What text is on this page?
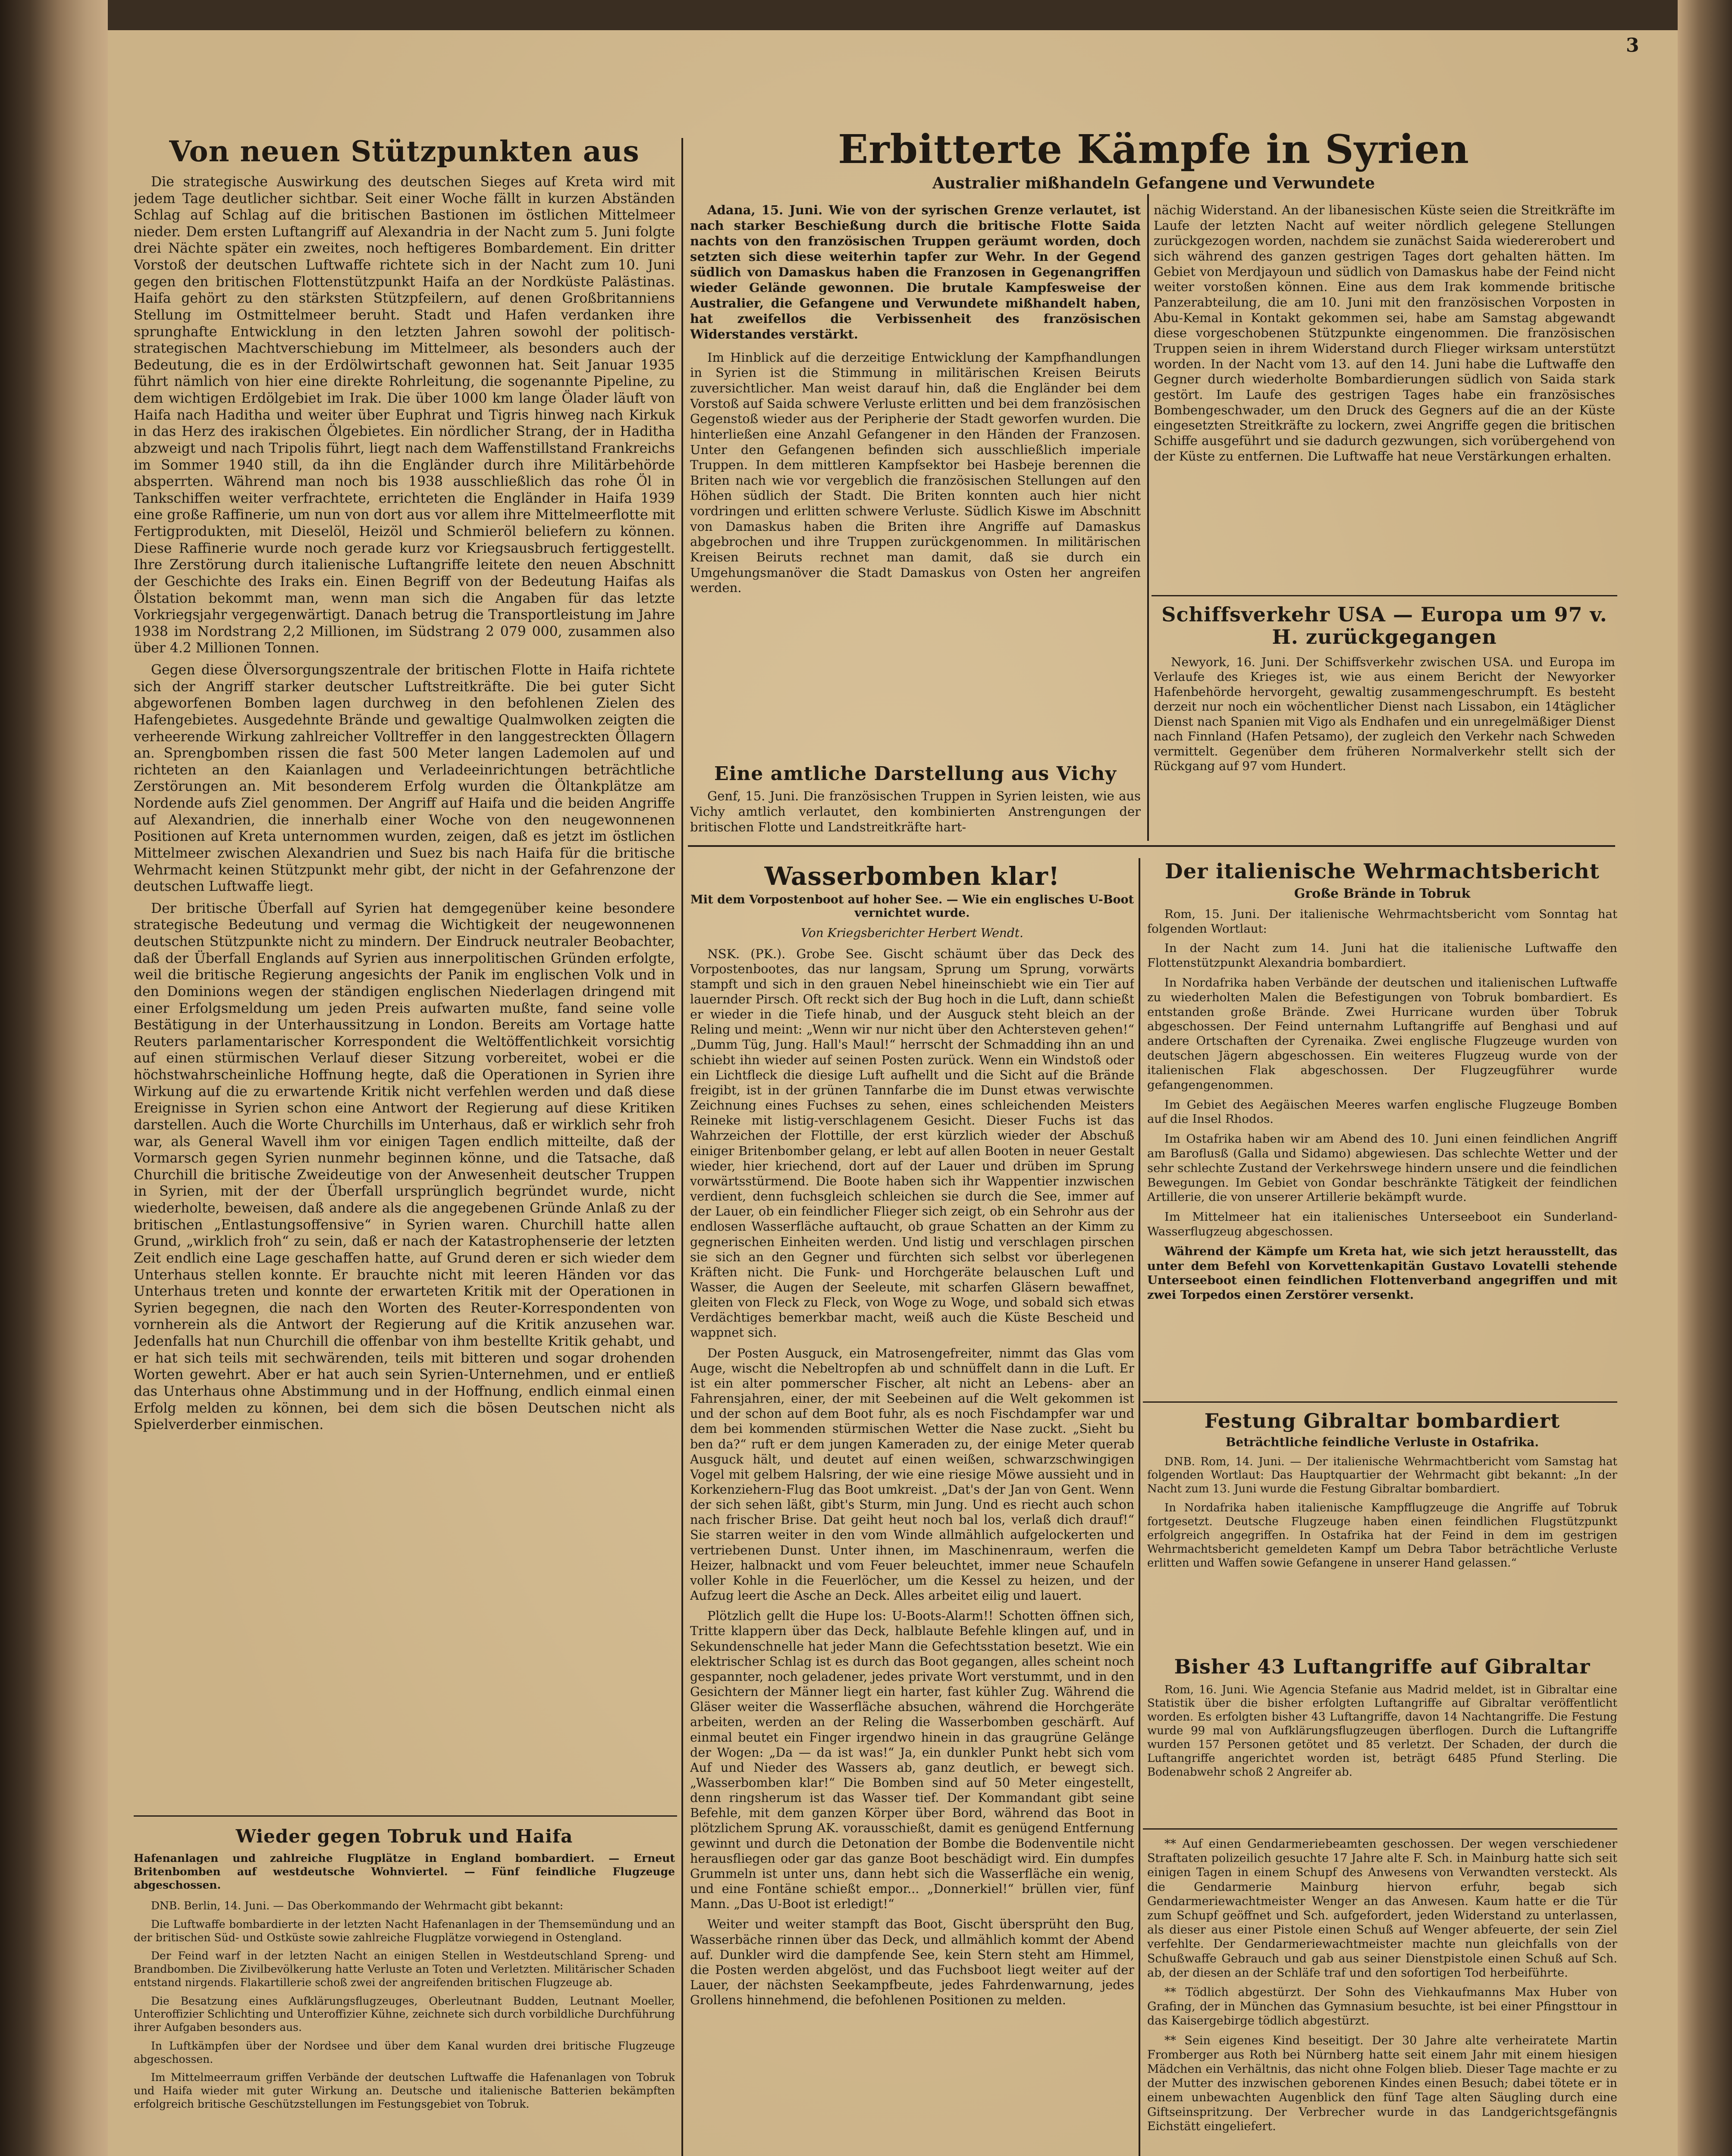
3
Von neuen Stützpunkten aus

Die strategische Auswirkung des deutschen Sieges auf Kreta wird mit jedem Tage deutlicher sichtbar. Seit einer Woche fällt in kurzen Abständen Schlag auf Schlag auf die britischen Bastionen im östlichen Mittelmeer nieder. Dem ersten Luftangriff auf Alexandria in der Nacht zum 5. Juni folgte drei Nächte später ein zweites, noch heftigeres Bombardement. Ein dritter Vorstoß der deutschen Luftwaffe richtete sich in der Nacht zum 10. Juni gegen den britischen Flottenstützpunkt Haifa an der Nordküste Palästinas. Haifa gehört zu den stärksten Stützpfeilern, auf denen Großbritanniens Stellung im Ostmittelmeer beruht. Stadt und Hafen verdanken ihre sprunghafte Entwicklung in den letzten Jahren sowohl der politisch-strategischen Machtverschiebung im Mittelmeer, als besonders auch der Bedeutung, die es in der Erdölwirtschaft gewonnen hat. Seit Januar 1935 führt nämlich von hier eine direkte Rohrleitung, die sogenannte Pipeline, zu dem wichtigen Erdölgebiet im Irak. Die über 1000 km lange Ölader läuft von Haifa nach Haditha und weiter über Euphrat und Tigris hinweg nach Kirkuk in das Herz des irakischen Ölgebietes. Ein nördlicher Strang, der in Haditha abzweigt und nach Tripolis führt, liegt nach dem Waffenstillstand Frankreichs im Sommer 1940 still, da ihn die Engländer durch ihre Militärbehörde absperrten. Während man noch bis 1938 ausschließlich das rohe Öl in Tankschiffen weiter verfrachtete, errichteten die Engländer in Haifa 1939 eine große Raffinerie, um nun von dort aus vor allem ihre Mittelmeerflotte mit Fertigprodukten, mit Dieselöl, Heizöl und Schmieröl beliefern zu können. Diese Raffinerie wurde noch gerade kurz vor Kriegsausbruch fertiggestellt. Ihre Zerstörung durch italienische Luftangriffe leitete den neuen Abschnitt der Geschichte des Iraks ein. Einen Begriff von der Bedeutung Haifas als Ölstation bekommt man, wenn man sich die Angaben für das letzte Vorkriegsjahr vergegenwärtigt. Danach betrug die Transportleistung im Jahre 1938 im Nordstrang 2,2 Millionen, im Südstrang 2 079 000, zusammen also über 4.2 Millionen Tonnen.

Gegen diese Ölversorgungszentrale der britischen Flotte in Haifa richtete sich der Angriff starker deutscher Luftstreitkräfte. Die bei guter Sicht abgeworfenen Bomben lagen durchweg in den befohlenen Zielen des Hafengebietes. Ausgedehnte Brände und gewaltige Qualmwolken zeigten die verheerende Wirkung zahlreicher Volltreffer in den langgestreckten Öllagern an. Sprengbomben rissen die fast 500 Meter langen Lademolen auf und richteten an den Kaianlagen und Verladeeinrichtungen beträchtliche Zerstörungen an. Mit besonderem Erfolg wurden die Öltankplätze am Nordende aufs Ziel genommen. Der Angriff auf Haifa und die beiden Angriffe auf Alexandrien, die innerhalb einer Woche von den neugewonnenen Positionen auf Kreta unternommen wurden, zeigen, daß es jetzt im östlichen Mittelmeer zwischen Alexandrien und Suez bis nach Haifa für die britische Wehrmacht keinen Stützpunkt mehr gibt, der nicht in der Gefahrenzone der deutschen Luftwaffe liegt.

Der britische Überfall auf Syrien hat demgegenüber keine besondere strategische Bedeutung und vermag die Wichtigkeit der neugewonnenen deutschen Stützpunkte nicht zu mindern. Der Eindruck neutraler Beobachter, daß der Überfall Englands auf Syrien aus innerpolitischen Gründen erfolgte, weil die britische Regierung angesichts der Panik im englischen Volk und in den Dominions wegen der ständigen englischen Niederlagen dringend mit einer Erfolgsmeldung um jeden Preis aufwarten mußte, fand seine volle Bestätigung in der Unterhaussitzung in London. Bereits am Vortage hatte Reuters parlamentarischer Korrespondent die Weltöffentlichkeit vorsichtig auf einen stürmischen Verlauf dieser Sitzung vorbereitet, wobei er die höchstwahrscheinliche Hoffnung hegte, daß die Operationen in Syrien ihre Wirkung auf die zu erwartende Kritik nicht verfehlen werden und daß diese Ereignisse in Syrien schon eine Antwort der Regierung auf diese Kritiken darstellen. Auch die Worte Churchills im Unterhaus, daß er wirklich sehr froh war, als General Wavell ihm vor einigen Tagen endlich mitteilte, daß der Vormarsch gegen Syrien nunmehr beginnen könne, und die Tatsache, daß Churchill die britische Zweideutige von der Anwesenheit deutscher Truppen in Syrien, mit der der Überfall ursprünglich begründet wurde, nicht wiederholte, beweisen, daß andere als die angegebenen Gründe Anlaß zu der britischen „Entlastungsoffensive“ in Syrien waren. Churchill hatte allen Grund, „wirklich froh“ zu sein, daß er nach der Katastrophenserie der letzten Zeit endlich eine Lage geschaffen hatte, auf Grund deren er sich wieder dem Unterhaus stellen konnte. Er brauchte nicht mit leeren Händen vor das Unterhaus treten und konnte der erwarteten Kritik mit der Operationen in Syrien begegnen, die nach den Worten des Reuter-Korrespondenten von vornherein als die Antwort der Regierung auf die Kritik anzusehen war. Jedenfalls hat nun Churchill die offenbar von ihm bestellte Kritik gehabt, und er hat sich teils mit sechwärenden, teils mit bitteren und sogar drohenden Worten gewehrt. Aber er hat auch sein Syrien-Unternehmen, und er entließ das Unterhaus ohne Abstimmung und in der Hoffnung, endlich einmal einen Erfolg melden zu können, bei dem sich die bösen Deutschen nicht als Spielverderber einmischen.

Wieder gegen Tobruk und Haifa
Hafenanlagen und zahlreiche Flugplätze in England bombardiert. — Erneut Britenbomben auf westdeutsche Wohnviertel. — Fünf feindliche Flugzeuge abgeschossen.

DNB. Berlin, 14. Juni. — Das Oberkommando der Wehrmacht gibt bekannt:

Die Luftwaffe bombardierte in der letzten Nacht Hafenanlagen in der Themsemündung und an der britischen Süd- und Ostküste sowie zahlreiche Flugplätze vorwiegend in Ostengland.

Der Feind warf in der letzten Nacht an einigen Stellen in Westdeutschland Spreng- und Brandbomben. Die Zivilbevölkerung hatte Verluste an Toten und Verletzten. Militärischer Schaden entstand nirgends. Flakartillerie schoß zwei der angreifenden britischen Flugzeuge ab.

Die Besatzung eines Aufklärungsflugzeuges, Oberleutnant Budden, Leutnant Moeller, Unteroffizier Schlichting und Unteroffizier Kühne, zeichnete sich durch vorbildliche Durchführung ihrer Aufgaben besonders aus.

In Luftkämpfen über der Nordsee und über dem Kanal wurden drei britische Flugzeuge abgeschossen.

Im Mittelmeerraum griffen Verbände der deutschen Luftwaffe die Hafenanlagen von Tobruk und Haifa wieder mit guter Wirkung an. Deutsche und italienische Batterien bekämpften erfolgreich britische Geschützstellungen im Festungsgebiet von Tobruk.

Erbitterte Kämpfe in Syrien
Australier mißhandeln Gefangene und Verwundete
Adana, 15. Juni. Wie von der syrischen Grenze verlautet, ist nach starker Beschießung durch die britische Flotte Saida nachts von den französischen Truppen geräumt worden, doch setzten sich diese weiterhin tapfer zur Wehr. In der Gegend südlich von Damaskus haben die Franzosen in Gegenangriffen wieder Gelände gewonnen. Die brutale Kampfesweise der Australier, die Gefangene und Verwundete mißhandelt haben, hat zweifellos die Verbissenheit des französischen Widerstandes verstärkt.

Im Hinblick auf die derzeitige Entwicklung der Kampfhandlungen in Syrien ist die Stimmung in militärischen Kreisen Beiruts zuversichtlicher. Man weist darauf hin, daß die Engländer bei dem Vorstoß auf Saida schwere Verluste erlitten und bei dem französischen Gegenstoß wieder aus der Peripherie der Stadt geworfen wurden. Die hinterließen eine Anzahl Gefangener in den Händen der Franzosen. Unter den Gefangenen befinden sich ausschließlich imperiale Truppen. In dem mittleren Kampfsektor bei Hasbeje berennen die Briten nach wie vor vergeblich die französischen Stellungen auf den Höhen südlich der Stadt. Die Briten konnten auch hier nicht vordringen und erlitten schwere Verluste. Südlich Kiswe im Abschnitt von Damaskus haben die Briten ihre Angriffe auf Damaskus abgebrochen und ihre Truppen zurückgenommen. In militärischen Kreisen Beiruts rechnet man damit, daß sie durch ein Umgehungsmanöver die Stadt Damaskus von Osten her angreifen werden.

Eine amtliche Darstellung aus Vichy

Genf, 15. Juni. Die französischen Truppen in Syrien leisten, wie aus Vichy amtlich verlautet, den kombinierten Anstrengungen der britischen Flotte und Landstreitkräfte hart-

nächig Widerstand. An der libanesischen Küste seien die Streitkräfte im Laufe der letzten Nacht auf weiter nördlich gelegene Stellungen zurückgezogen worden, nachdem sie zunächst Saida wiedererobert und sich während des ganzen gestrigen Tages dort gehalten hätten. Im Gebiet von Merdjayoun und südlich von Damaskus habe der Feind nicht weiter vorstoßen können. Eine aus dem Irak kommende britische Panzerabteilung, die am 10. Juni mit den französischen Vorposten in Abu-Kemal in Kontakt gekommen sei, habe am Samstag abgewandt diese vorgeschobenen Stützpunkte eingenommen. Die französischen Truppen seien in ihrem Widerstand durch Flieger wirksam unterstützt worden. In der Nacht vom 13. auf den 14. Juni habe die Luftwaffe den Gegner durch wiederholte Bombardierungen südlich von Saida stark gestört. Im Laufe des gestrigen Tages habe ein französisches Bombengeschwader, um den Druck des Gegners auf die an der Küste eingesetzten Streitkräfte zu lockern, zwei Angriffe gegen die britischen Schiffe ausgeführt und sie dadurch gezwungen, sich vorübergehend von der Küste zu entfernen. Die Luftwaffe hat neue Verstärkungen erhalten.

Schiffsverkehr USA — Europa um 97 v. H. zurückgegangen

Newyork, 16. Juni. Der Schiffsverkehr zwischen USA. und Europa im Verlaufe des Krieges ist, wie aus einem Bericht der Newyorker Hafenbehörde hervorgeht, gewaltig zusammengeschrumpft. Es besteht derzeit nur noch ein wöchentlicher Dienst nach Lissabon, ein 14täglicher Dienst nach Spanien mit Vigo als Endhafen und ein unregelmäßiger Dienst nach Finnland (Hafen Petsamo), der zugleich den Verkehr nach Schweden vermittelt. Gegenüber dem früheren Normalverkehr stellt sich der Rückgang auf 97 vom Hundert.

Wasserbomben klar!
Mit dem Vorpostenboot auf hoher See. — Wie ein englisches U-Boot vernichtet wurde.
Von Kriegsberichter Herbert Wendt.

NSK. (PK.). Grobe See. Gischt schäumt über das Deck des Vorpostenbootes, das nur langsam, Sprung um Sprung, vorwärts stampft und sich in den grauen Nebel hineinschiebt wie ein Tier auf lauernder Pirsch. Oft reckt sich der Bug hoch in die Luft, dann schießt er wieder in die Tiefe hinab, und der Ausguck steht bleich an der Reling und meint: „Wenn wir nur nicht über den Achtersteven gehen!“ „Dumm Tüg, Jung. Hall's Maul!“ herrscht der Schmadding ihn an und schiebt ihn wieder auf seinen Posten zurück. Wenn ein Windstoß oder ein Lichtfleck die diesige Luft aufhellt und die Sicht auf die Brände freigibt, ist in der grünen Tannfarbe die im Dunst etwas verwischte Zeichnung eines Fuchses zu sehen, eines schleichenden Meisters Reineke mit listig-verschlagenem Gesicht. Dieser Fuchs ist das Wahrzeichen der Flottille, der erst kürzlich wieder der Abschuß einiger Britenbomber gelang, er lebt auf allen Booten in neuer Gestalt wieder, hier kriechend, dort auf der Lauer und drüben im Sprung vorwärtsstürmend. Die Boote haben sich ihr Wappentier inzwischen verdient, denn fuchsgleich schleichen sie durch die See, immer auf der Lauer, ob ein feindlicher Flieger sich zeigt, ob ein Sehrohr aus der endlosen Wasserfläche auftaucht, ob graue Schatten an der Kimm zu gegnerischen Einheiten werden. Und listig und verschlagen pirschen sie sich an den Gegner und fürchten sich selbst vor überlegenen Kräften nicht. Die Funk- und Horchgeräte belauschen Luft und Wasser, die Augen der Seeleute, mit scharfen Gläsern bewaffnet, gleiten von Fleck zu Fleck, von Woge zu Woge, und sobald sich etwas Verdächtiges bemerkbar macht, weiß auch die Küste Bescheid und wappnet sich.

Der Posten Ausguck, ein Matrosengefreiter, nimmt das Glas vom Auge, wischt die Nebeltropfen ab und schnüffelt dann in die Luft. Er ist ein alter pommerscher Fischer, alt nicht an Lebens- aber an Fahrensjahren, einer, der mit Seebeinen auf die Welt gekommen ist und der schon auf dem Boot fuhr, als es noch Fischdampfer war und dem bei kommenden stürmischen Wetter die Nase zuckt. „Sieht bu ben da?“ ruft er dem jungen Kameraden zu, der einige Meter querab Ausguck hält, und deutet auf einen weißen, schwarzschwingigen Vogel mit gelbem Halsring, der wie eine riesige Möwe aussieht und in Korkenziehern-Flug das Boot umkreist. „Dat's der Jan von Gent. Wenn der sich sehen läßt, gibt's Sturm, min Jung. Und es riecht auch schon nach frischer Brise. Dat geiht heut noch bal los, verlaß dich drauf!“ Sie starren weiter in den vom Winde allmählich aufgelockerten und vertriebenen Dunst. Unter ihnen, im Maschinenraum, werfen die Heizer, halbnackt und vom Feuer beleuchtet, immer neue Schaufeln voller Kohle in die Feuerlöcher, um die Kessel zu heizen, und der Aufzug leert die Asche an Deck. Alles arbeitet eilig und lauert.

Plötzlich gellt die Hupe los: U-Boots-Alarm!! Schotten öffnen sich, Tritte klappern über das Deck, halblaute Befehle klingen auf, und in Sekundenschnelle hat jeder Mann die Gefechtsstation besetzt. Wie ein elektrischer Schlag ist es durch das Boot gegangen, alles scheint noch gespannter, noch geladener, jedes private Wort verstummt, und in den Gesichtern der Männer liegt ein harter, fast kühler Zug. Während die Gläser weiter die Wasserfläche absuchen, während die Horchgeräte arbeiten, werden an der Reling die Wasserbomben geschärft. Auf einmal beutet ein Finger irgendwo hinein in das graugrüne Gelänge der Wogen: „Da — da ist was!“ Ja, ein dunkler Punkt hebt sich vom Auf und Nieder des Wassers ab, ganz deutlich, er bewegt sich. „Wasserbomben klar!“ Die Bomben sind auf 50 Meter eingestellt, denn ringsherum ist das Wasser tief. Der Kommandant gibt seine Befehle, mit dem ganzen Körper über Bord, während das Boot in plötzlichem Sprung AK. vorausschießt, damit es genügend Entfernung gewinnt und durch die Detonation der Bombe die Bodenventile nicht herausfliegen oder gar das ganze Boot beschädigt wird. Ein dumpfes Grummeln ist unter uns, dann hebt sich die Wasserfläche ein wenig, und eine Fontäne schießt empor... „Donnerkiel!“ brüllen vier, fünf Mann. „Das U-Boot ist erledigt!“

Weiter und weiter stampft das Boot, Gischt übersprüht den Bug, Wasserbäche rinnen über das Deck, und allmählich kommt der Abend auf. Dunkler wird die dampfende See, kein Stern steht am Himmel, die Posten werden abgelöst, und das Fuchsboot liegt weiter auf der Lauer, der nächsten Seekampfbeute, jedes Fahrdenwarnung, jedes Grollens hinnehmend, die befohlenen Positionen zu melden.

Der italienische Wehrmachtsbericht
Große Brände in Tobruk

Rom, 15. Juni. Der italienische Wehrmachtsbericht vom Sonntag hat folgenden Wortlaut:

In der Nacht zum 14. Juni hat die italienische Luftwaffe den Flottenstützpunkt Alexandria bombardiert.

In Nordafrika haben Verbände der deutschen und italienischen Luftwaffe zu wiederholten Malen die Befestigungen von Tobruk bombardiert. Es entstanden große Brände. Zwei Hurricane wurden über Tobruk abgeschossen. Der Feind unternahm Luftangriffe auf Benghasi und auf andere Ortschaften der Cyrenaika. Zwei englische Flugzeuge wurden von deutschen Jägern abgeschossen. Ein weiteres Flugzeug wurde von der italienischen Flak abgeschossen. Der Flugzeugführer wurde gefangengenommen.

Im Gebiet des Aegäischen Meeres warfen englische Flugzeuge Bomben auf die Insel Rhodos.

Im Ostafrika haben wir am Abend des 10. Juni einen feindlichen Angriff am Baroflusß (Galla und Sidamo) abgewiesen. Das schlechte Wetter und der sehr schlechte Zustand der Verkehrswege hindern unsere und die feindlichen Bewegungen. Im Gebiet von Gondar beschränkte Tätigkeit der feindlichen Artillerie, die von unserer Artillerie bekämpft wurde.

Im Mittelmeer hat ein italienisches Unterseeboot ein Sunderland-Wasserflugzeug abgeschossen.

Während der Kämpfe um Kreta hat, wie sich jetzt herausstellt, das unter dem Befehl von Korvettenkapitän Gustavo Lovatelli stehende Unterseeboot einen feindlichen Flottenverband angegriffen und mit zwei Torpedos einen Zerstörer versenkt.

Festung Gibraltar bombardiert
Beträchtliche feindliche Verluste in Ostafrika.

DNB. Rom, 14. Juni. — Der italienische Wehrmachtbericht vom Samstag hat folgenden Wortlaut: Das Hauptquartier der Wehrmacht gibt bekannt: „In der Nacht zum 13. Juni wurde die Festung Gibraltar bombardiert.

In Nordafrika haben italienische Kampfflugzeuge die Angriffe auf Tobruk fortgesetzt. Deutsche Flugzeuge haben einen feindlichen Flugstützpunkt erfolgreich angegriffen. In Ostafrika hat der Feind in dem im gestrigen Wehrmachtsbericht gemeldeten Kampf um Debra Tabor beträchtliche Verluste erlitten und Waffen sowie Gefangene in unserer Hand gelassen.“

Bisher 43 Luftangriffe auf Gibraltar

Rom, 16. Juni. Wie Agencia Stefanie aus Madrid meldet, ist in Gibraltar eine Statistik über die bisher erfolgten Luftangriffe auf Gibraltar veröffentlicht worden. Es erfolgten bisher 43 Luftangriffe, davon 14 Nachtangriffe. Die Festung wurde 99 mal von Aufklärungsflugzeugen überflogen. Durch die Luftangriffe wurden 157 Personen getötet und 85 verletzt. Der Schaden, der durch die Luftangriffe angerichtet worden ist, beträgt 6485 Pfund Sterling. Die Bodenabwehr schoß 2 Angreifer ab.

** Auf einen Gendarmeriebeamten geschossen. Der wegen verschiedener Straftaten polizeilich gesuchte 17 Jahre alte F. Sch. in Mainburg hatte sich seit einigen Tagen in einem Schupf des Anwesens von Verwandten versteckt. Als die Gendarmerie Mainburg hiervon erfuhr, begab sich Gendarmeriewachtmeister Wenger an das Anwesen. Kaum hatte er die Tür zum Schupf geöffnet und Sch. aufgefordert, jeden Widerstand zu unterlassen, als dieser aus einer Pistole einen Schuß auf Wenger abfeuerte, der sein Ziel verfehlte. Der Gendarmeriewachtmeister machte nun gleichfalls von der Schußwaffe Gebrauch und gab aus seiner Dienstpistole einen Schuß auf Sch. ab, der diesen an der Schläfe traf und den sofortigen Tod herbeiführte.

** Tödlich abgestürzt. Der Sohn des Viehkaufmanns Max Huber von Grafing, der in München das Gymnasium besuchte, ist bei einer Pfingsttour in das Kaisergebirge tödlich abgestürzt.

** Sein eigenes Kind beseitigt. Der 30 Jahre alte verheiratete Martin Fromberger aus Roth bei Nürnberg hatte seit einem Jahr mit einem hiesigen Mädchen ein Verhältnis, das nicht ohne Folgen blieb. Dieser Tage machte er zu der Mutter des inzwischen geborenen Kindes einen Besuch; dabei tötete er in einem unbewachten Augenblick den fünf Tage alten Säugling durch eine Giftseinspritzung. Der Verbrecher wurde in das Landgerichtsgefängnis Eichstätt eingeliefert.
